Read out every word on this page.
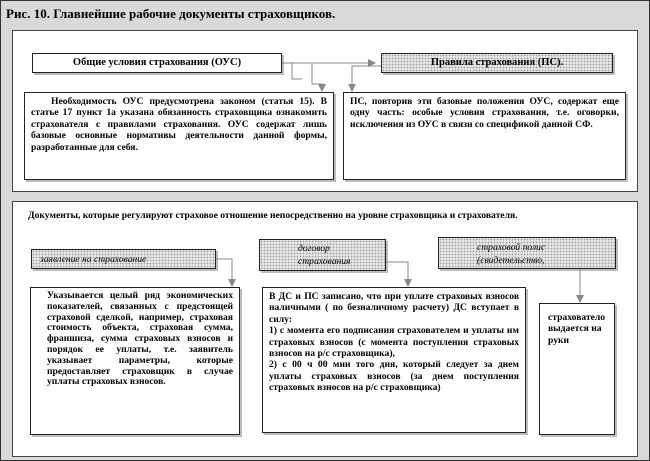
Рис. 10. Главнейшие рабочие документы страховщиков.
Общие условия страхования (ОУС)	Правила страхования (ПС).
Необходимость ОУС предусмотрена законом (статья 15). В статье 17 пункт 1а указана обязанность страховщика ознакомить страхователя с правилами страхования. ОУС содержат лишь базовые основные нормативы деятельности данной формы, разработанные для себя.
ПС, повторив эти базовые положения ОУС, содержат еще одну часть: особые условия страхования, т.е. оговорки, исключения из ОУС в связи со спецификой данной СФ.
Документы, которые регулируют страховое отношение непосредственно на уровне страховщика и страхователя.
заявление на страхование
договор страхования
страховой полис (свидетельство,
Указывается целый ряд экономических показателей, связанных с предстоящей страховой сделкой, например, страховая стоимость объекта, страховая сумма, франшиза, сумма страховых взносов и порядок ее уплаты, т.е. заявитель указывает параметры, которые предоставляет страховщик в случае уплаты страховых взносов.
В ДС и ПС записано, что при уплате страховых взносов наличными ( по безналичному расчету) ДС вступает в силу:
1) с момента его подписания страхователем и уплаты им страховых взносов (с момента поступления страховых взносов на р/с страховщика),
2) с 00 ч 00 мин того дня, который следует за днем уплаты страховых взносов (за днем поступления страховых взносов на р/с страховщика)
страхователо выдается на руки
